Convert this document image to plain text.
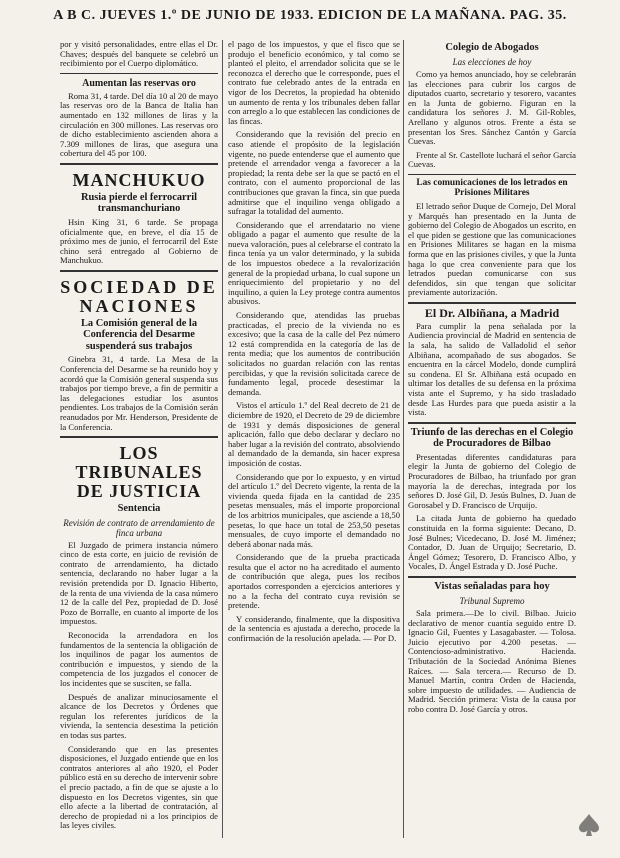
A B C. JUEVES 1.º DE JUNIO DE 1933. EDICION DE LA MAÑANA. PAG. 35.

por y visitó personalidades, entre ellas el Dr. Chaves; después del banquete se celebró un recibimiento por el Cuerpo diplomático.

Aumentan las reservas oro

Roma 31, 4 tarde. Del día 10 al 20 de mayo las reservas oro de la Banca de Italia han aumentado en 132 millones de liras y la circulación en 300 millones. Las reservas oro de dicho establecimiento ascienden ahora a 7.309 millones de liras, que asegura una cobertura del 45 por 100.

MANCHUKUO
Rusia pierde el ferrocarril transmanchuriano

Hsin King 31, 6 tarde. Se propaga oficialmente que, en breve, el día 15 de próximo mes de junio, el ferrocarril del Este chino será entregado al Gobierno de Manchukuo.

SOCIEDAD DE NACIONES
La Comisión general de la Conferencia del Desarme suspenderá sus trabajos

Ginebra 31, 4 tarde. La Mesa de la Conferencia del Desarme se ha reunido hoy y acordó que la Comisión general suspenda sus trabajos por tiempo breve, a fin de permitir a las delegaciones estudiar los asuntos pendientes. Los trabajos de la Comisión serán reanudados por Mr. Henderson, Presidente de la Conferencia.

LOS TRIBUNALES DE JUSTICIA
Sentencia
Revisión de contrato de arrendamiento de finca urbana

El Juzgado de primera instancia número cinco de esta corte, en juicio de revisión de contrato de arrendamiento, ha dictado sentencia, declarando no haber lugar a la revisión pretendida por D. Ignacio Hiberto, de la renta de una vivienda de la casa número 12 de la calle del Pez, propiedad de D. José Pozo de Borralle, en cuanto al importe de los impuestos.

Reconocida la arrendadora en los fundamentos de la sentencia la obligación de los inquilinos de pagar los aumentos de contribución e impuestos, y siendo de la competencia de los juzgados el conocer de los incidentes que se susciten, se falla.

Después de analizar minuciosamente el alcance de los Decretos y Órdenes que regulan los referentes jurídicos de la vivienda, la sentencia desestima la petición en todas sus partes.

Considerando que en las presentes disposiciones, el Juzgado entiende que en los contratos anteriores al año 1920, el Poder público está en su derecho de intervenir sobre el precio pactado, a fin de que se ajuste a lo dispuesto en los Decretos vigentes, sin que ello afecte a la libertad de contratación, al derecho de propiedad ni a los principios de las leyes civiles.

el pago de los impuestos, y que el fisco que se produjo el beneficio económico, y tal como se planteó el pleito, el arrendador solicita que se le reconozca el derecho que le corresponde, pues el contrato fue celebrado antes de la entrada en vigor de los Decretos, la propiedad ha obtenido un aumento de renta y los tribunales deben fallar con arreglo a lo que establecen las condiciones de las fincas.

Considerando que la revisión del precio en caso atiende el propósito de la legislación vigente, no puede entenderse que el aumento que pretende el arrendador venga a favorecer a la propiedad; la renta debe ser la que se pactó en el contrato, con el aumento proporcional de las contribuciones que gravan la finca, sin que pueda admitirse que el inquilino venga obligado a sufragar la totalidad del aumento.

Considerando que el arrendatario no viene obligado a pagar el aumento que resulte de la nueva valoración, pues al celebrarse el contrato la finca tenía ya un valor determinado, y la subida de los impuestos obedece a la revalorización general de la propiedad urbana, lo cual supone un enriquecimiento del propietario y no del inquilino, a quien la Ley protege contra aumentos abusivos.

Considerando que, atendidas las pruebas practicadas, el precio de la vivienda no es excesivo; que la casa de la calle del Pez número 12 está comprendida en la categoría de las de renta media; que los aumentos de contribución solicitados no guardan relación con las rentas percibidas, y que la revisión solicitada carece de fundamento legal, procede desestimar la demanda.

Vistos el artículo 1.º del Real decreto de 21 de diciembre de 1920, el Decreto de 29 de diciembre de 1931 y demás disposiciones de general aplicación, fallo que debo declarar y declaro no haber lugar a la revisión del contrato, absolviendo al demandado de la demanda, sin hacer expresa imposición de costas.

Considerando que por lo expuesto, y en virtud del artículo 1.º del Decreto vigente, la renta de la vivienda queda fijada en la cantidad de 235 pesetas mensuales, más el importe proporcional de los arbitrios municipales, que asciende a 18,50 pesetas, lo que hace un total de 253,50 pesetas mensuales, de cuyo importe el demandado no deberá abonar nada más.

Considerando que de la prueba practicada resulta que el actor no ha acreditado el aumento de contribución que alega, pues los recibos aportados corresponden a ejercicios anteriores y no a la fecha del contrato cuya revisión se pretende.

Y considerando, finalmente, que la dispositiva de la sentencia es ajustada a derecho, procede la confirmación de la resolución apelada. — Por D.

Colegio de Abogados
Las elecciones de hoy

Como ya hemos anunciado, hoy se celebrarán las elecciones para cubrir los cargos de diputados cuarto, secretario y tesorero, vacantes en la Junta de gobierno. Figuran en la candidatura los señores J. M. Gil-Robles, Arellano y algunos otros. Frente a ésta se presentan los Sres. Sánchez Cantón y García Cuevas.

Frente al Sr. Castellote luchará el señor García Cuevas.

Las comunicaciones de los letrados en Prisiones Militares

El letrado señor Duque de Cornejo, Del Moral y Marqués han presentado en la Junta de gobierno del Colegio de Abogados un escrito, en el que piden se gestione que las comunicaciones en Prisiones Militares se hagan en la misma forma que en las prisiones civiles, y que la Junta haga lo que crea conveniente para que los letrados puedan comunicarse con sus defendidos, sin que tengan que solicitar previamente autorización.

El Dr. Albiñana, a Madrid

Para cumplir la pena señalada por la Audiencia provincial de Madrid en sentencia de la sala, ha salido de Valladolid el señor Albiñana, acompañado de sus abogados. Se encuentra en la cárcel Modelo, donde cumplirá su condena. El Sr. Albiñana está ocupado en ultimar los detalles de su defensa en la próxima vista ante el Supremo, y ha sido trasladado desde Las Hurdes para que pueda asistir a la vista.

Triunfo de las derechas en el Colegio de Procuradores de Bilbao

Presentadas diferentes candidaturas para elegir la Junta de gobierno del Colegio de Procuradores de Bilbao, ha triunfado por gran mayoría la de derechas, integrada por los señores D. José Gil, D. Jesús Bulnes, D. Juan de Gorosabel y D. Francisco de Urquijo.

La citada Junta de gobierno ha quedado constituida en la forma siguiente: Decano, D. José Bulnes; Vicedecano, D. José M. Jiménez; Contador, D. Juan de Urquijo; Secretario, D. Ángel Gómez; Tesorero, D. Francisco Albo, y Vocales, D. Ángel Estrada y D. José Puche.

Vistas señaladas para hoy
Tribunal Supremo

Sala primera.—De lo civil. Bilbao. Juicio declarativo de menor cuantía seguido entre D. Ignacio Gil, Fuentes y Lasagabaster. — Tolosa. Juicio ejecutivo por 4.200 pesetas. — Contencioso-administrativo. Hacienda. Tributación de la Sociedad Anónima Bienes Raíces. — Sala tercera.— Recurso de D. Manuel Martín, contra Orden de Hacienda, sobre impuesto de utilidades. — Audiencia de Madrid. Sección primera: Vista de la causa por robo contra D. José García y otros.
